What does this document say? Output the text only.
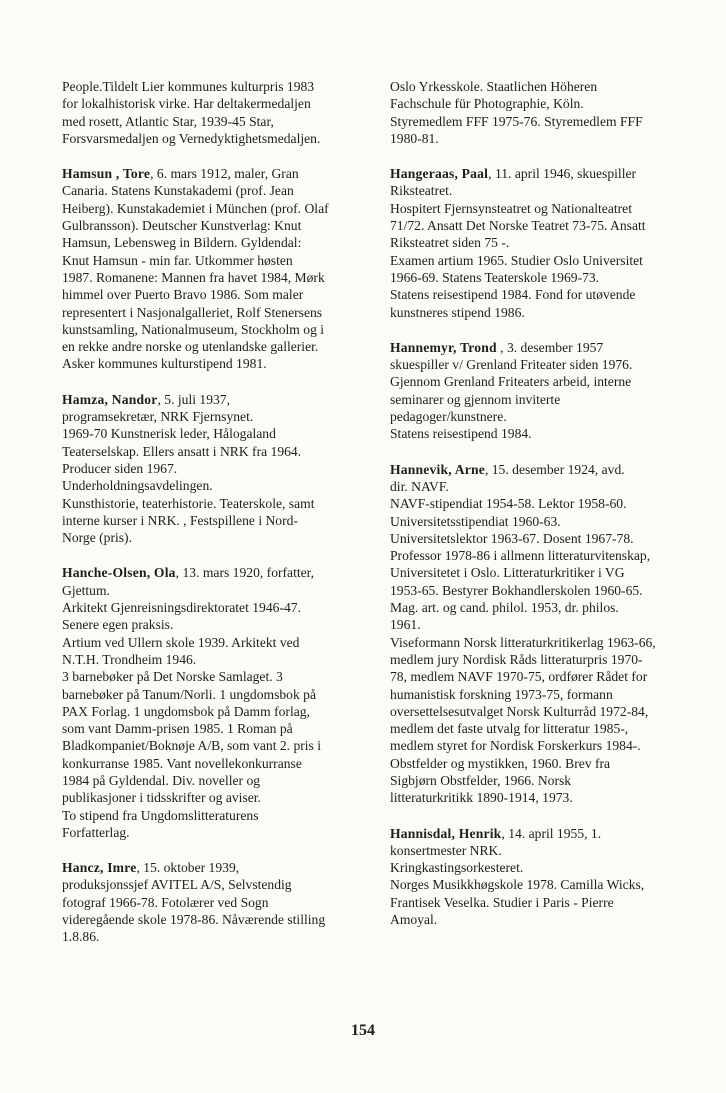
People.Tildelt Lier kommunes kulturpris 1983
for lokalhistorisk virke. Har deltakermedaljen
med rosett, Atlantic Star, 1939-45 Star,
Forsvarsmedaljen og Vernedyktighetsmedaljen.
Hamsun , Tore, 6. mars 1912, maler, Gran
Canaria. Statens Kunstakademi (prof. Jean
Heiberg). Kunstakademiet i München (prof. Olaf
Gulbransson). Deutscher Kunstverlag: Knut
Hamsun, Lebensweg in Bildern. Gyldendal:
Knut Hamsun - min far. Utkommer høsten
1987. Romanene: Mannen fra havet 1984, Mørk
himmel over Puerto Bravo 1986. Som maler
representert i Nasjonalgalleriet, Rolf Stenersens
kunstsamling, Nationalmuseum, Stockholm og i
en rekke andre norske og utenlandske gallerier.
Asker kommunes kulturstipend 1981.
Hamza, Nandor, 5. juli 1937,
programsekretær, NRK Fjernsynet.
1969-70 Kunstnerisk leder, Hålogaland
Teaterselskap. Ellers ansatt i NRK fra 1964.
Producer siden 1967.
Underholdningsavdelingen.
Kunsthistorie, teaterhistorie. Teaterskole, samt
interne kurser i NRK. , Festspillene i Nord-
Norge (pris).
Hanche-Olsen, Ola, 13. mars 1920, forfatter,
Gjettum.
Arkitekt Gjenreisningsdirektoratet 1946-47.
Senere egen praksis.
Artium ved Ullern skole 1939. Arkitekt ved
N.T.H. Trondheim 1946.
3 barnebøker på Det Norske Samlaget. 3
barnebøker på Tanum/Norli. 1 ungdomsbok på
PAX Forlag. 1 ungdomsbok på Damm forlag,
som vant Damm-prisen 1985. 1 Roman på
Bladkompaniet/Boknøje A/B, som vant 2. pris i
konkurranse 1985. Vant novellekonkurranse
1984 på Gyldendal. Div. noveller og
publikasjoner i tidsskrifter og aviser.
To stipend fra Ungdomslitteraturens
Forfatterlag.
Hancz, Imre, 15. oktober 1939,
produksjonssjef AVITEL A/S, Selvstendig
fotograf 1966-78. Fotolærer ved Sogn
videregående skole 1978-86. Nåværende stilling
1.8.86.
Oslo Yrkesskole. Staatlichen Höheren
Fachschule für Photographie, Köln.
Styremedlem FFF 1975-76. Styremedlem FFF
1980-81.
Hangeraas, Paal, 11. april 1946, skuespiller
Riksteatret.
Hospitert Fjernsynsteatret og Nationalteatret
71/72. Ansatt Det Norske Teatret 73-75. Ansatt
Riksteatret siden 75 -.
Examen artium 1965. Studier Oslo Universitet
1966-69. Statens Teaterskole 1969-73.
Statens reisestipend 1984. Fond for utøvende
kunstneres stipend 1986.
Hannemyr, Trond , 3. desember 1957
skuespiller v/ Grenland Friteater siden 1976.
Gjennom Grenland Friteaters arbeid, interne
seminarer og gjennom inviterte
pedagoger/kunstnere.
Statens reisestipend 1984.
Hannevik, Arne, 15. desember 1924, avd.
dir. NAVF.
NAVF-stipendiat 1954-58. Lektor 1958-60.
Universitetsstipendiat 1960-63.
Universitetslektor 1963-67. Dosent 1967-78.
Professor 1978-86 i allmenn litteraturvitenskap,
Universitetet i Oslo. Litteraturkritiker i VG
1953-65. Bestyrer Bokhandlerskolen 1960-65.
Mag. art. og cand. philol. 1953, dr. philos.
1961.
Viseformann Norsk litteraturkritikerlag 1963-66,
medlem jury Nordisk Råds litteraturpris 1970-
78, medlem NAVF 1970-75, ordfører Rådet for
humanistisk forskning 1973-75, formann
oversettelsesutvalget Norsk Kulturråd 1972-84,
medlem det faste utvalg for litteratur 1985-,
medlem styret for Nordisk Forskerkurs 1984-.
Obstfelder og mystikken, 1960. Brev fra
Sigbjørn Obstfelder, 1966. Norsk
litteraturkritikk 1890-1914, 1973.
Hannisdal, Henrik, 14. april 1955, 1.
konsertmester NRK.
Kringkastingsorkesteret.
Norges Musikkhøgskole 1978. Camilla Wicks,
Frantisek Veselka. Studier i Paris - Pierre
Amoyal.
154
